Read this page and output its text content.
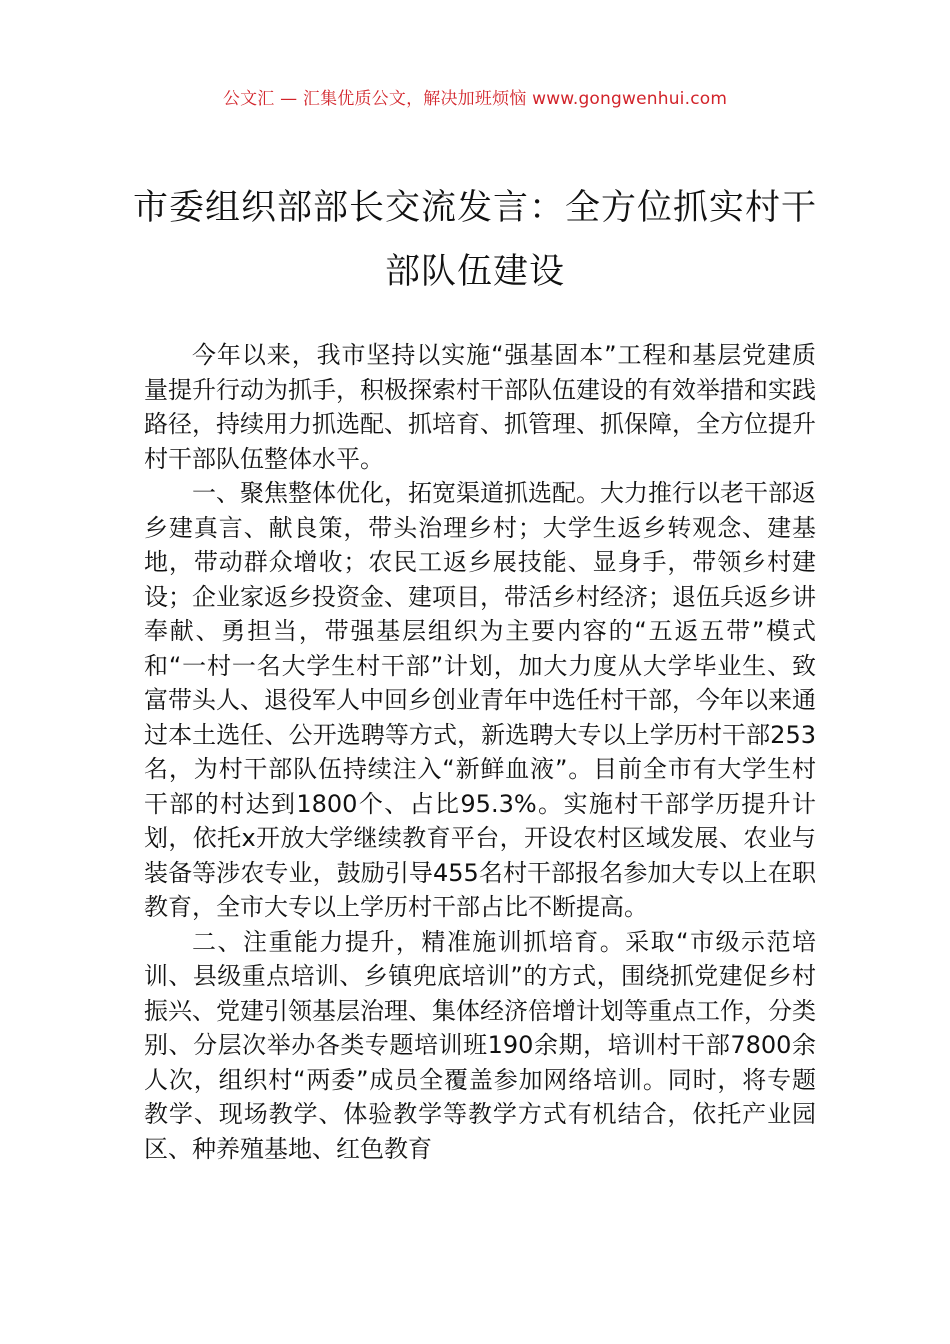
公文汇 — 汇集优质公文，解决加班烦恼 www.gongwenhui.com
市委组织部部长交流发言：全方位抓实村干部队伍建设

今年以来，我市坚持以实施“强基固本”工程和基层党建质量提升行动为抓手，积极探索村干部队伍建设的有效举措和实践路径，持续用力抓选配、抓培育、抓管理、抓保障，全方位提升村干部队伍整体水平。

一、聚焦整体优化，拓宽渠道抓选配。大力推行以老干部返乡建真言、献良策，带头治理乡村；大学生返乡转观念、建基地，带动群众增收；农民工返乡展技能、显身手，带领乡村建设；企业家返乡投资金、建项目，带活乡村经济；退伍兵返乡讲奉献、勇担当，带强基层组织为主要内容的“五返五带”模式和“一村一名大学生村干部”计划，加大力度从大学毕业生、致富带头人、退役军人中回乡创业青年中选任村干部，今年以来通过本土选任、公开选聘等方式，新选聘大专以上学历村干部253名，为村干部队伍持续注入“新鲜血液”。目前全市有大学生村干部的村达到1800个、占比95.3%。实施村干部学历提升计划，依托x开放大学继续教育平台，开设农村区域发展、农业与装备等涉农专业，鼓励引导455名村干部报名参加大专以上在职教育，全市大专以上学历村干部占比不断提高。

二、注重能力提升，精准施训抓培育。采取“市级示范培训、县级重点培训、乡镇兜底培训”的方式，围绕抓党建促乡村振兴、党建引领基层治理、集体经济倍增计划等重点工作，分类别、分层次举办各类专题培训班190余期，培训村干部7800余人次，组织村“两委”成员全覆盖参加网络培训。同时，将专题教学、现场教学、体验教学等教学方式有机结合，依托产业园区、种养殖基地、红色教育
